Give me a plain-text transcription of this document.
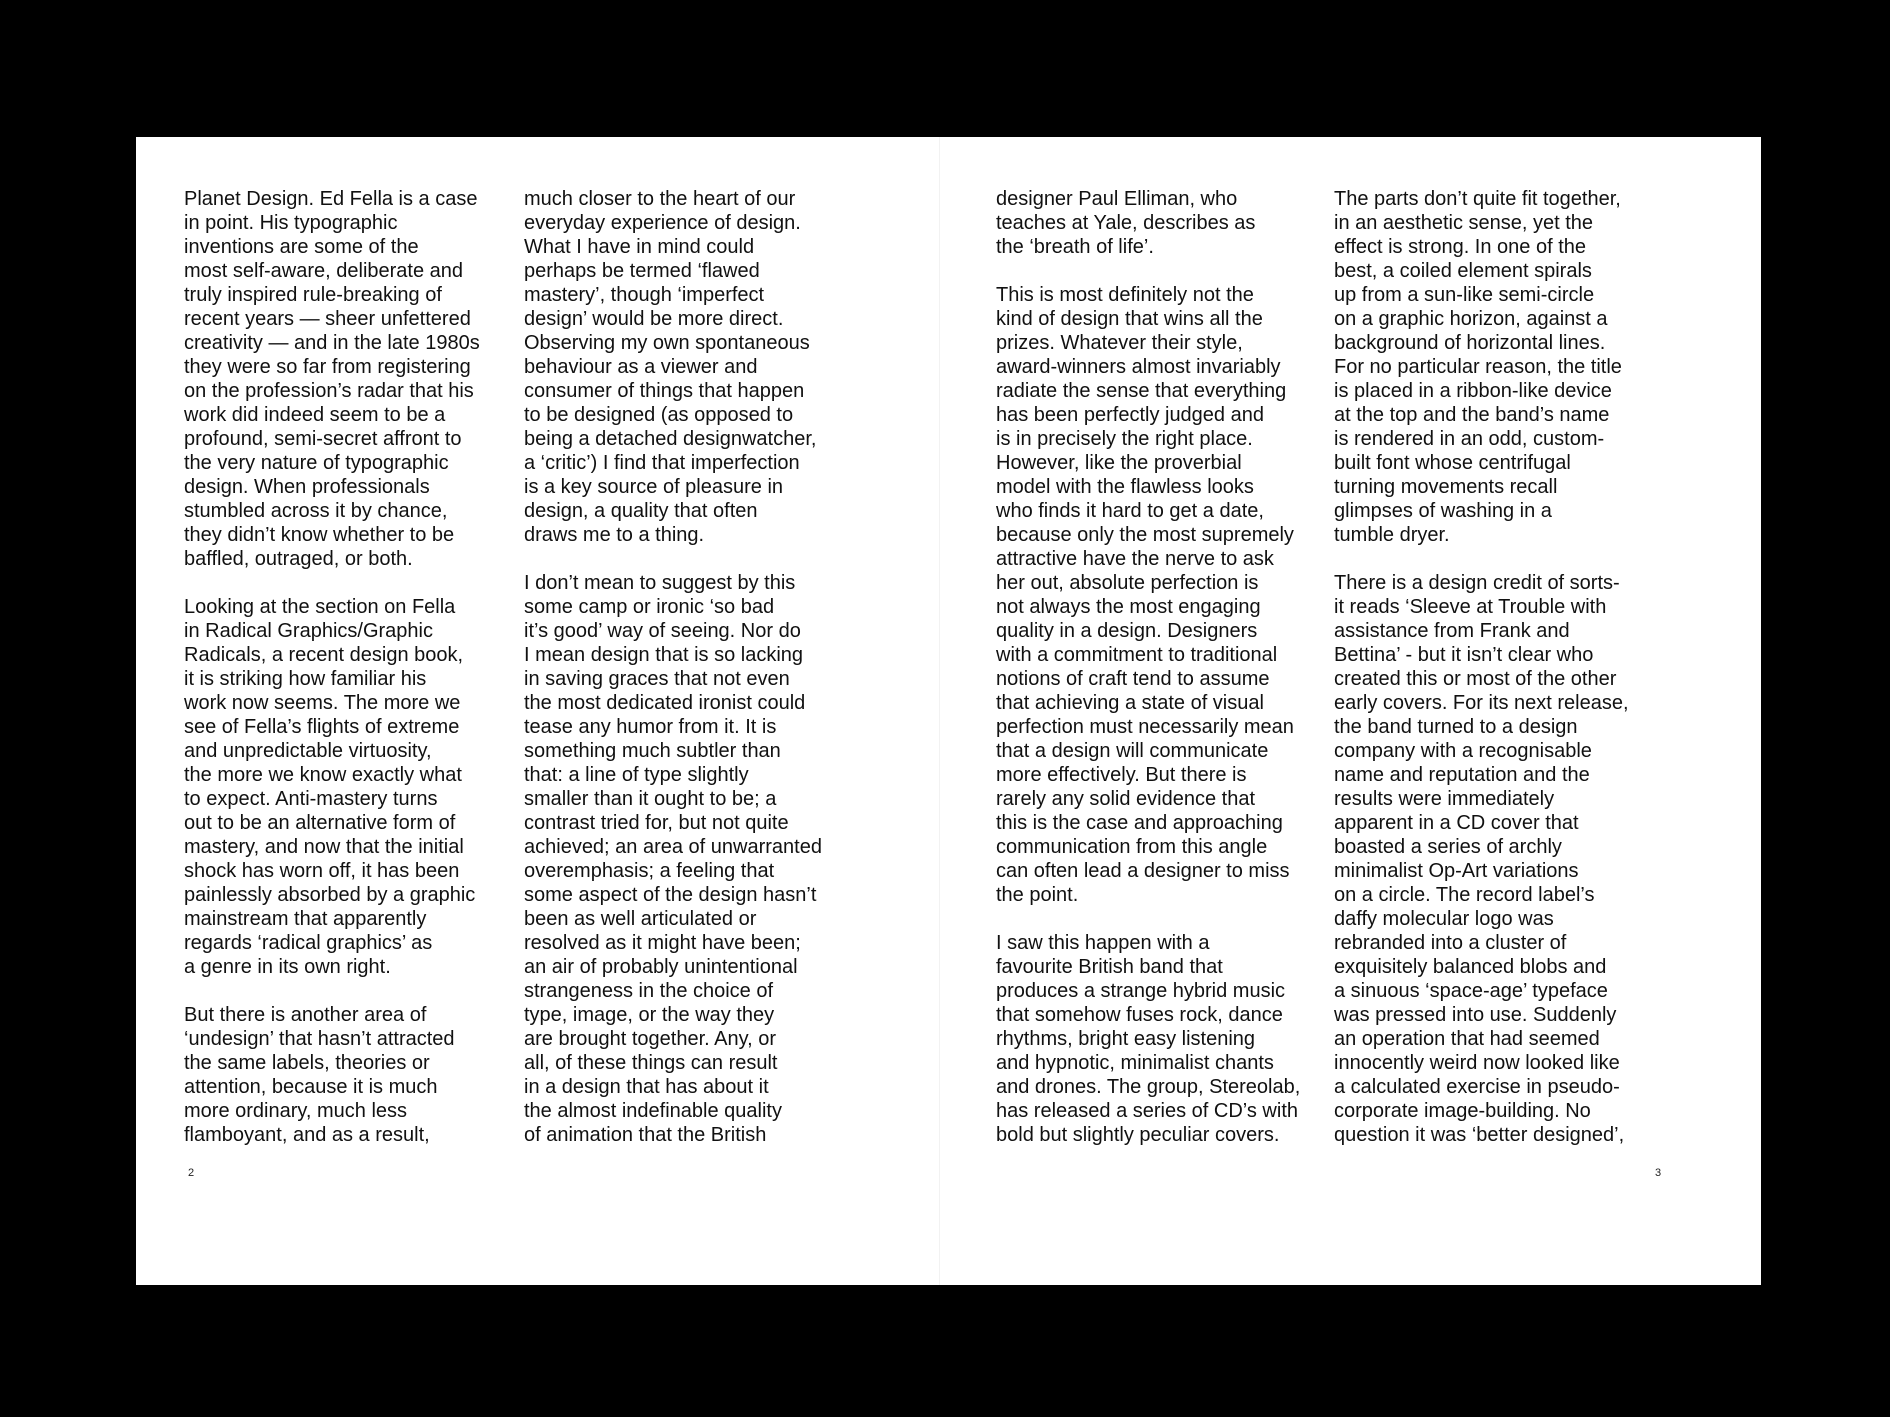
Planet Design. Ed Fella is a case
in point. His typographic
inventions are some of the
most self-aware, deliberate and
truly inspired rule-breaking of
recent years — sheer unfettered
creativity — and in the late 1980s
they were so far from registering
on the profession’s radar that his
work did indeed seem to be a
profound, semi-secret affront to
the very nature of typographic
design. When professionals
stumbled across it by chance,
they didn’t know whether to be
baffled, outraged, or both.

Looking at the section on Fella
in Radical Graphics/Graphic
Radicals, a recent design book,
it is striking how familiar his
work now seems. The more we
see of Fella’s flights of extreme
and unpredictable virtuosity,
the more we know exactly what
to expect. Anti-mastery turns
out to be an alternative form of
mastery, and now that the initial
shock has worn off, it has been
painlessly absorbed by a graphic
mainstream that apparently
regards ‘radical graphics’ as
a genre in its own right.

But there is another area of
‘undesign’ that hasn’t attracted
the same labels, theories or
attention, because it is much
more ordinary, much less
flamboyant, and as a result,

much closer to the heart of our
everyday experience of design.
What I have in mind could
perhaps be termed ‘flawed
mastery’, though ‘imperfect
design’ would be more direct.
Observing my own spontaneous
behaviour as a viewer and
consumer of things that happen
to be designed (as opposed to
being a detached designwatcher,
a ‘critic’) I find that imperfection
is a key source of pleasure in
design, a quality that often
draws me to a thing.

I don’t mean to suggest by this
some camp or ironic ‘so bad
it’s good’ way of seeing. Nor do
I mean design that is so lacking
in saving graces that not even
the most dedicated ironist could
tease any humor from it. It is
something much subtler than
that: a line of type slightly
smaller than it ought to be; a
contrast tried for, but not quite
achieved; an area of unwarranted
overemphasis; a feeling that
some aspect of the design hasn’t
been as well articulated or
resolved as it might have been;
an air of probably unintentional
strangeness in the choice of
type, image, or the way they
are brought together. Any, or
all, of these things can result
in a design that has about it
the almost indefinable quality
of animation that the British

designer Paul Elliman, who
teaches at Yale, describes as
the ‘breath of life’.

This is most definitely not the
kind of design that wins all the
prizes. Whatever their style,
award-winners almost invariably
radiate the sense that everything
has been perfectly judged and
is in precisely the right place.
However, like the proverbial
model with the flawless looks
who finds it hard to get a date,
because only the most supremely
attractive have the nerve to ask
her out, absolute perfection is
not always the most engaging
quality in a design. Designers
with a commitment to traditional
notions of craft tend to assume
that achieving a state of visual
perfection must necessarily mean
that a design will communicate
more effectively. But there is
rarely any solid evidence that
this is the case and approaching
communication from this angle
can often lead a designer to miss
the point.

I saw this happen with a
favourite British band that
produces a strange hybrid music
that somehow fuses rock, dance
rhythms, bright easy listening
and hypnotic, minimalist chants
and drones. The group, Stereolab,
has released a series of CD’s with
bold but slightly peculiar covers.

The parts don’t quite fit together,
in an aesthetic sense, yet the
effect is strong. In one of the
best, a coiled element spirals
up from a sun-like semi-circle
on a graphic horizon, against a
background of horizontal lines.
For no particular reason, the title
is placed in a ribbon-like device
at the top and the band’s name
is rendered in an odd, custom-
built font whose centrifugal
turning movements recall
glimpses of washing in a
tumble dryer.

There is a design credit of sorts-
it reads ‘Sleeve at Trouble with
assistance from Frank and
Bettina’ - but it isn’t clear who
created this or most of the other
early covers. For its next release,
the band turned to a design
company with a recognisable
name and reputation and the
results were immediately
apparent in a CD cover that
boasted a series of archly
minimalist Op-Art variations
on a circle. The record label’s
daffy molecular logo was
rebranded into a cluster of
exquisitely balanced blobs and
a sinuous ‘space-age’ typeface
was pressed into use. Suddenly
an operation that had seemed
innocently weird now looked like
a calculated exercise in pseudo-
corporate image-building. No
question it was ‘better designed’,

2	3
